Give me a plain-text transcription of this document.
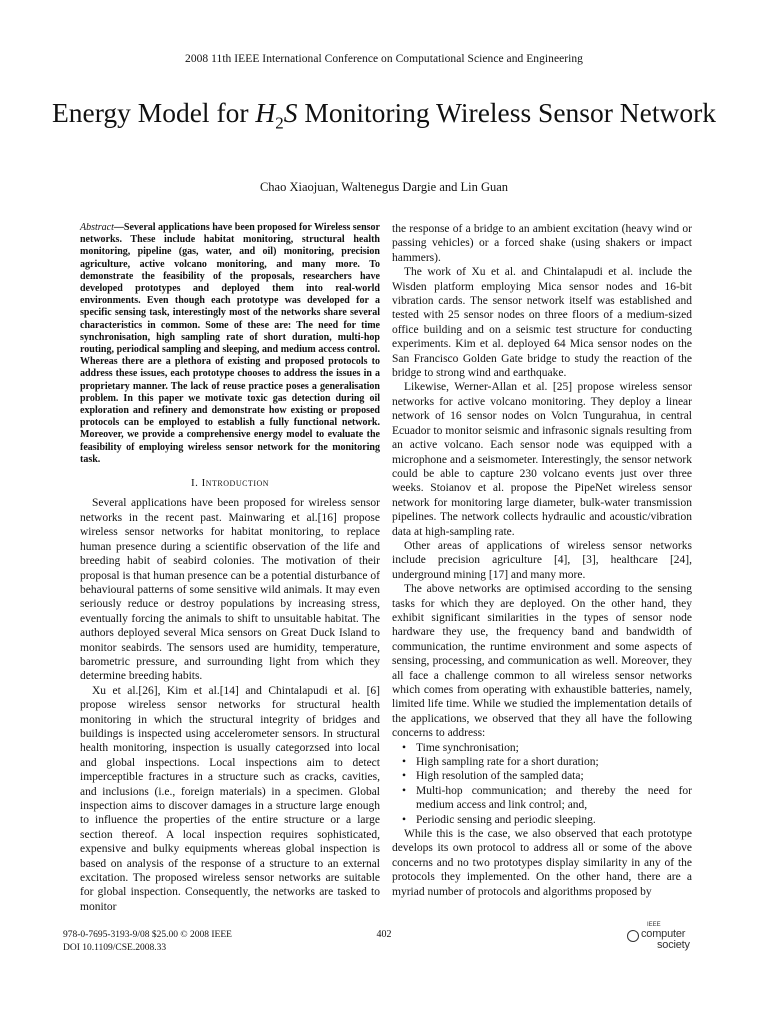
2008 11th IEEE International Conference on Computational Science and Engineering
Energy Model for $H_2S$ Monitoring Wireless Sensor Network
Chao Xiaojuan, Waltenegus Dargie and Lin Guan

Abstract—Several applications have been proposed for Wireless sensor networks. These include habitat monitoring, structural health monitoring, pipeline (gas, water, and oil) monitoring, precision agriculture, active volcano monitoring, and many more. To demonstrate the feasibility of the proposals, researchers have developed prototypes and deployed them into real-world environments. Even though each prototype was developed for a specific sensing task, interestingly most of the networks share several characteristics in common. Some of these are: The need for time synchronisation, high sampling rate of short duration, multi-hop routing, periodical sampling and sleeping, and medium access control. Whereas there are a plethora of existing and proposed protocols to address these issues, each prototype chooses to address the issues in a proprietary manner. The lack of reuse practice poses a generalisation problem. In this paper we motivate toxic gas detection during oil exploration and refinery and demonstrate how existing or proposed protocols can be employed to establish a fully functional network. Moreover, we provide a comprehensive energy model to evaluate the feasibility of employing wireless sensor network for the monitoring task.

I. Introduction

Several applications have been proposed for wireless sensor networks in the recent past. Mainwaring et al.[16] propose wireless sensor networks for habitat monitoring, to replace human presence during a scientific observation of the life and breeding habit of seabird colonies. The motivation of their proposal is that human presence can be a potential disturbance of behavioural patterns of some sensitive wild animals. It may even seriously reduce or destroy populations by increasing stress, eventually forcing the animals to shift to unsuitable habitat. The authors deployed several Mica sensors on Great Duck Island to monitor seabirds. The sensors used are humidity, temperature, barometric pressure, and surrounding light from which they determine breeding habits.

Xu et al.[26], Kim et al.[14] and Chintalapudi et al. [6] propose wireless sensor networks for structural health monitoring in which the structural integrity of bridges and buildings is inspected using accelerometer sensors. In structural health monitoring, inspection is usually categorzsed into local and global inspections. Local inspections aim to detect imperceptible fractures in a structure such as cracks, cavities, and inclusions (i.e., foreign materials) in a specimen. Global inspection aims to discover damages in a structure large enough to influence the properties of the entire structure or a large section thereof. A local inspection requires sophisticated, expensive and bulky equipments whereas global inspection is based on analysis of the response of a structure to an external excitation. The proposed wireless sensor networks are suitable for global inspection. Consequently, the networks are tasked to monitor

the response of a bridge to an ambient excitation (heavy wind or passing vehicles) or a forced shake (using shakers or impact hammers).

The work of Xu et al. and Chintalapudi et al. include the Wisden platform employing Mica sensor nodes and 16-bit vibration cards. The sensor network itself was established and tested with 25 sensor nodes on three floors of a medium-sized office building and on a seismic test structure for conducting experiments. Kim et al. deployed 64 Mica sensor nodes on the San Francisco Golden Gate bridge to study the reaction of the bridge to strong wind and earthquake.

Likewise, Werner-Allan et al. [25] propose wireless sensor networks for active volcano monitoring. They deploy a linear network of 16 sensor nodes on Volcn Tungurahua, in central Ecuador to monitor seismic and infrasonic signals resulting from an active volcano. Each sensor node was equipped with a microphone and a seismometer. Interestingly, the sensor network could be able to capture 230 volcano events just over three weeks. Stoianov et al. propose the PipeNet wireless sensor network for monitoring large diameter, bulk-water transmission pipelines. The network collects hydraulic and acoustic/vibration data at high-sampling rate.

Other areas of applications of wireless sensor networks include precision agriculture [4], [3], healthcare [24], underground mining [17] and many more.

The above networks are optimised according to the sensing tasks for which they are deployed. On the other hand, they exhibit significant similarities in the types of sensor node hardware they use, the frequency band and bandwidth of communication, the runtime environment and some aspects of sensing, processing, and communication as well. Moreover, they all face a challenge common to all wireless sensor networks which comes from operating with exhaustible batteries, namely, limited life time. While we studied the implementation details of the applications, we observed that they all have the following concerns to address:

• Time synchronisation;
• High sampling rate for a short duration;
• High resolution of the sampled data;
• Multi-hop communication; and thereby the need for medium access and link control; and,
• Periodic sensing and periodic sleeping.

While this is the case, we also observed that each prototype develops its own protocol to address all or some of the above concerns and no two prototypes display similarity in any of the protocols they implemented. On the other hand, there are a myriad number of protocols and algorithms proposed by

978-0-7695-3193-9/08 $25.00 © 2008 IEEE
DOI 10.1109/CSE.2008.33
402
IEEE
computer
society
